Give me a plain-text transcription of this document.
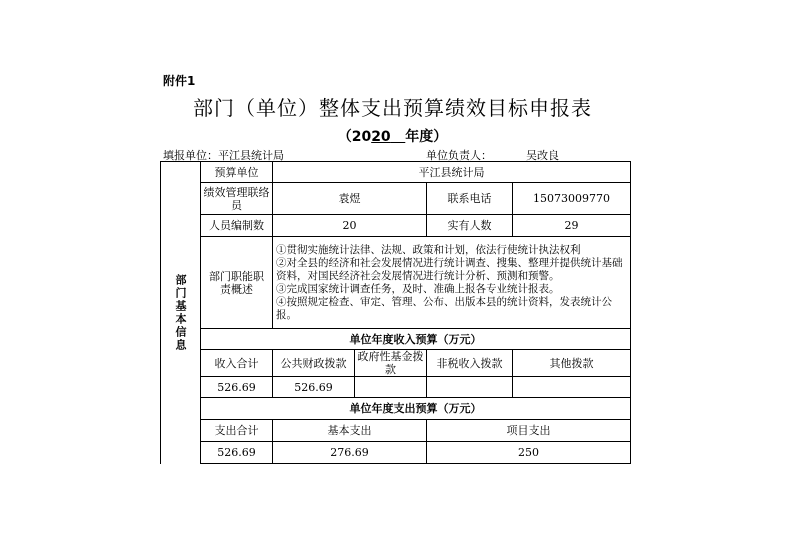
附件1
部门（单位）整体支出预算绩效目标申报表
（2020 年度）
填报单位：平江县统计局	单位负责人：	吴改良
部门基本信息	预算单位	平江县统计局			
	绩效管理联络员	袁煜		联系电话	15073009770
	人员编制数	20		实有人数	29
	部门职能职责概述	①贯彻实施统计法律、法规、政策和计划，依法行使统计执法权利
②对全县的经济和社会发展情况进行统计调查、搜集、整理并提供统计基础资料，对国民经济社会发展情况进行统计分析、预测和预警。
③完成国家统计调查任务，及时、准确上报各专业统计报表。
④按照规定检查、审定、管理、公布、出版本县的统计资料，发表统计公报。			

	单位年度收入预算（万元）				
	收入合计	公共财政拨款	政府性基金拨款	非税收入拨款	其他拨款
	526.69	526.69			
	单位年度支出预算（万元）				
	支出合计	基本支出		项目支出	
	526.69	276.69		250	
